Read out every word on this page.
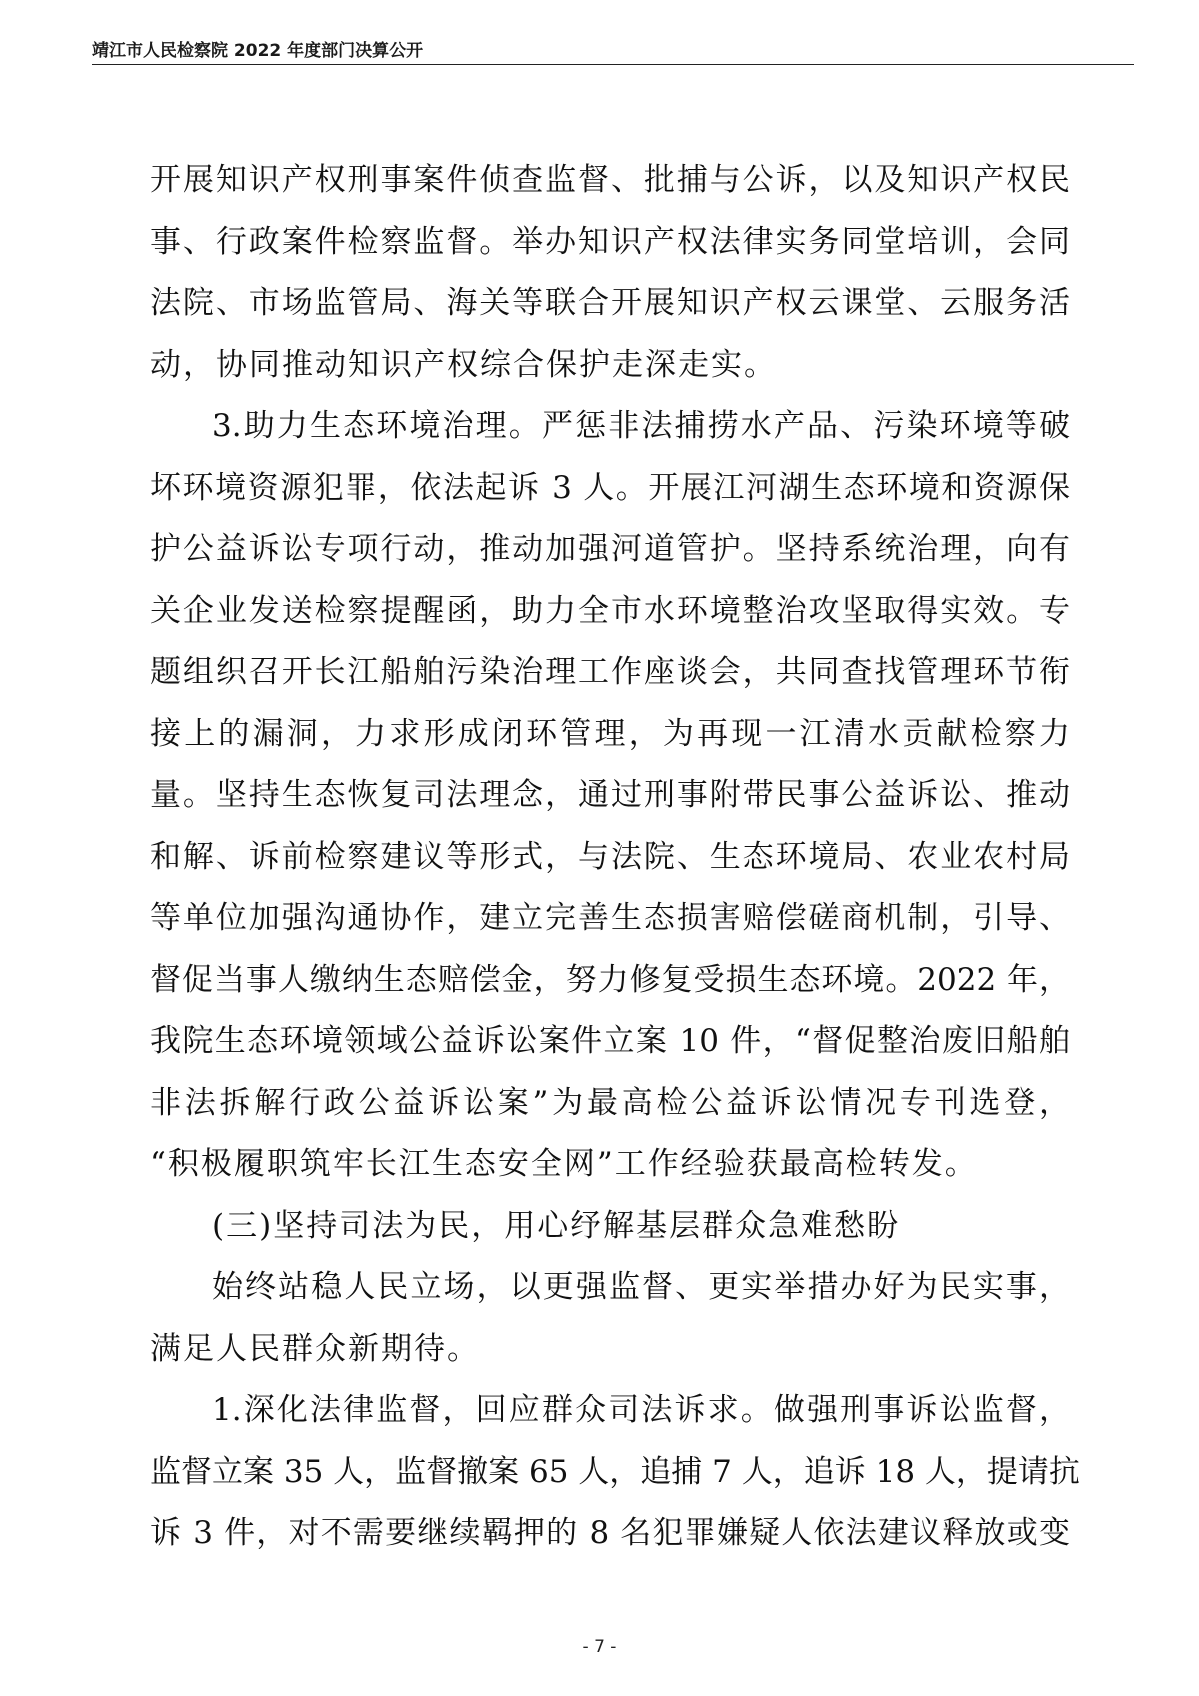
靖江市人民检察院 2022 年度部门决算公开
开展知识产权刑事案件侦查监督、批捕与公诉，以及知识产权民
事、行政案件检察监督。举办知识产权法律实务同堂培训，会同
法院、市场监管局、海关等联合开展知识产权云课堂、云服务活
动，协同推动知识产权综合保护走深走实。
3.助力生态环境治理。严惩非法捕捞水产品、污染环境等破
坏环境资源犯罪，依法起诉 3 人。开展江河湖生态环境和资源保
护公益诉讼专项行动，推动加强河道管护。坚持系统治理，向有
关企业发送检察提醒函，助力全市水环境整治攻坚取得实效。专
题组织召开长江船舶污染治理工作座谈会，共同查找管理环节衔
接上的漏洞，力求形成闭环管理，为再现一江清水贡献检察力
量。坚持生态恢复司法理念，通过刑事附带民事公益诉讼、推动
和解、诉前检察建议等形式，与法院、生态环境局、农业农村局
等单位加强沟通协作，建立完善生态损害赔偿磋商机制，引导、
督促当事人缴纳生态赔偿金，努力修复受损生态环境。2022 年，
我院生态环境领域公益诉讼案件立案 10 件，“督促整治废旧船舶
非法拆解行政公益诉讼案”为最高检公益诉讼情况专刊选登，
“积极履职筑牢长江生态安全网”工作经验获最高检转发。
(三)坚持司法为民，用心纾解基层群众急难愁盼
始终站稳人民立场，以更强监督、更实举措办好为民实事，
满足人民群众新期待。
1.深化法律监督，回应群众司法诉求。做强刑事诉讼监督，
监督立案 35 人，监督撤案 65 人，追捕 7 人，追诉 18 人，提请抗
诉 3 件，对不需要继续羁押的 8 名犯罪嫌疑人依法建议释放或变
- 7 -
